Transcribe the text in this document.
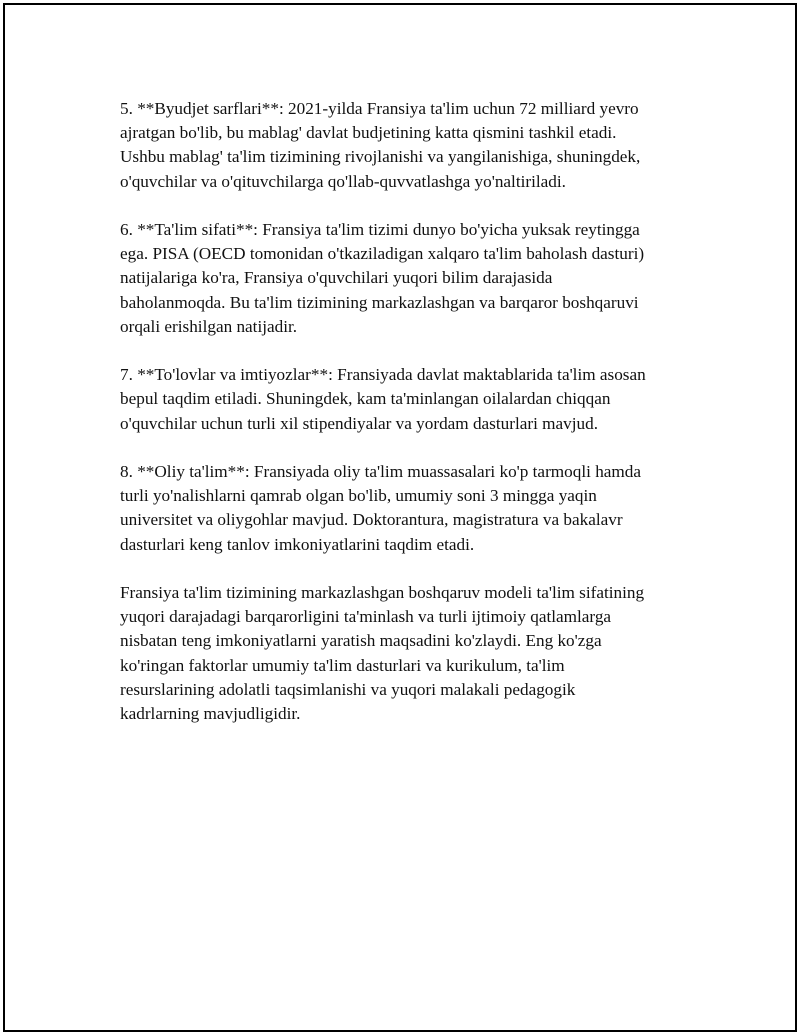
5. **Byudjet sarflari**: 2021-yilda Fransiya ta'lim uchun 72 milliard yevro
ajratgan bo'lib, bu mablag' davlat budjetining katta qismini tashkil etadi.
Ushbu mablag' ta'lim tizimining rivojlanishi va yangilanishiga, shuningdek,
o'quvchilar va o'qituvchilarga qo'llab-quvvatlashga yo'naltiriladi.

6. **Ta'lim sifati**: Fransiya ta'lim tizimi dunyo bo'yicha yuksak reytingga
ega. PISA (OECD tomonidan o'tkaziladigan xalqaro ta'lim baholash dasturi)
natijalariga ko'ra, Fransiya o'quvchilari yuqori bilim darajasida
baholanmoqda. Bu ta'lim tizimining markazlashgan va barqaror boshqaruvi
orqali erishilgan natijadir.

7. **To'lovlar va imtiyozlar**: Fransiyada davlat maktablarida ta'lim asosan
bepul taqdim etiladi. Shuningdek, kam ta'minlangan oilalardan chiqqan
o'quvchilar uchun turli xil stipendiyalar va yordam dasturlari mavjud.

8. **Oliy ta'lim**: Fransiyada oliy ta'lim muassasalari ko'p tarmoqli hamda
turli yo'nalishlarni qamrab olgan bo'lib, umumiy soni 3 mingga yaqin
universitet va oliygohlar mavjud. Doktorantura, magistratura va bakalavr
dasturlari keng tanlov imkoniyatlarini taqdim etadi.

Fransiya ta'lim tizimining markazlashgan boshqaruv modeli ta'lim sifatining
yuqori darajadagi barqarorligini ta'minlash va turli ijtimoiy qatlamlarga
nisbatan teng imkoniyatlarni yaratish maqsadini ko'zlaydi. Eng ko'zga
ko'ringan faktorlar umumiy ta'lim dasturlari va kurikulum, ta'lim
resurslarining adolatli taqsimlanishi va yuqori malakali pedagogik
kadrlarning mavjudligidir.
